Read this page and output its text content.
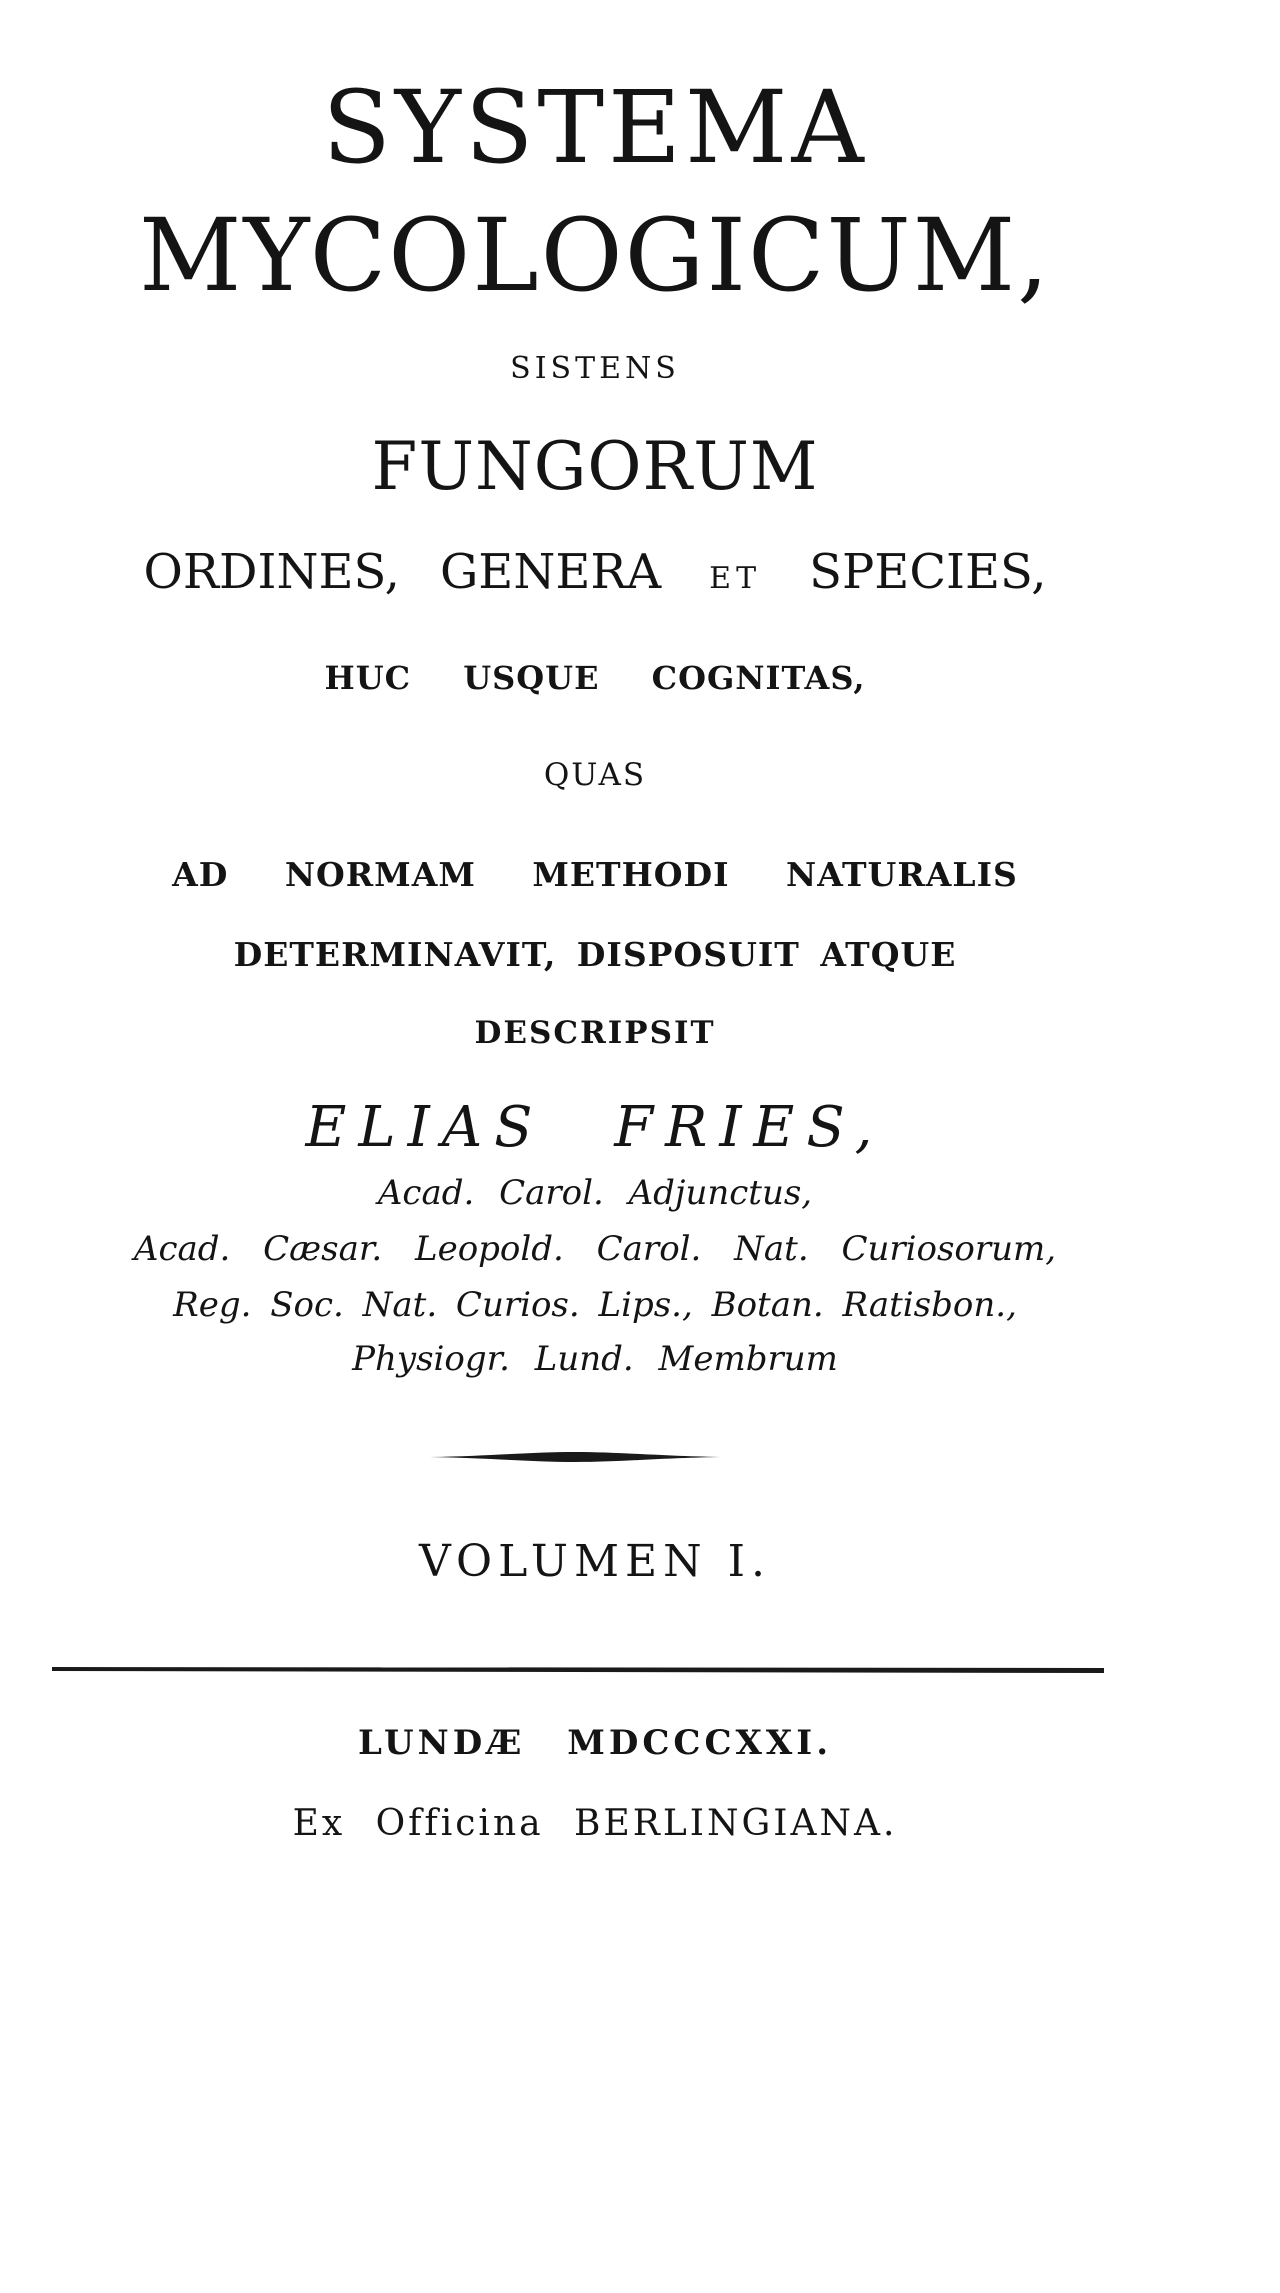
SYSTEMA
MYCOLOGICUM,
SISTENS
FUNGORUM
ORDINES, GENERA ET SPECIES,
HUC USQUE COGNITAS,
QUAS
AD NORMAM METHODI NATURALIS
DETERMINAVIT, DISPOSUIT ATQUE
DESCRIPSIT
ELIAS FRIES,
Acad. Carol. Adjunctus,
Acad. Cæsar. Leopold. Carol. Nat. Curiosorum,
Reg. Soc. Nat. Curios. Lips., Botan. Ratisbon.,
Physiogr. Lund. Membrum
VOLUMEN I.
LUNDÆ MDCCCXXI.
Ex Officina BERLINGIANA.
